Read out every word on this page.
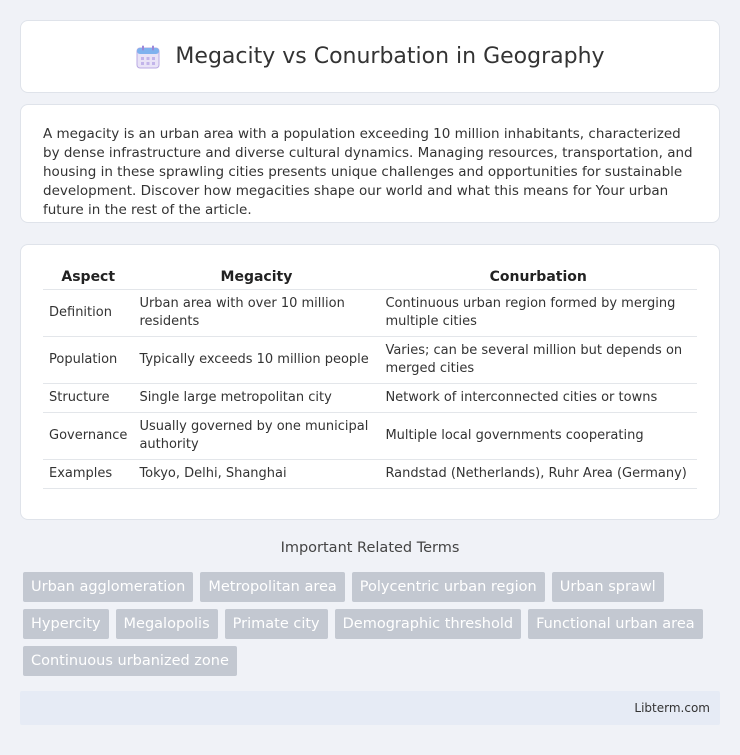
Megacity vs Conurbation in Geography

A megacity is an urban area with a population exceeding 10 million inhabitants, characterized by dense infrastructure and diverse cultural dynamics. Managing resources, transportation, and housing in these sprawling cities presents unique challenges and opportunities for sustainable development. Discover how megacities shape our world and what this means for Your urban future in the rest of the article.

Aspect	Megacity	Conurbation
Definition	Urban area with over 10 million residents	Continuous urban region formed by merging multiple cities
Population	Typically exceeds 10 million people	Varies; can be several million but depends on merged cities
Structure	Single large metropolitan city	Network of interconnected cities or towns
Governance	Usually governed by one municipal authority	Multiple local governments cooperating
Examples	Tokyo, Delhi, Shanghai	Randstad (Netherlands), Ruhr Area (Germany)
Important Related Terms
Urban agglomeration	Metropolitan area	Polycentric urban region	Urban sprawl
Hypercity	Megalopolis	Primate city	Demographic threshold	Functional urban area
Continuous urbanized zone
Libterm.com
